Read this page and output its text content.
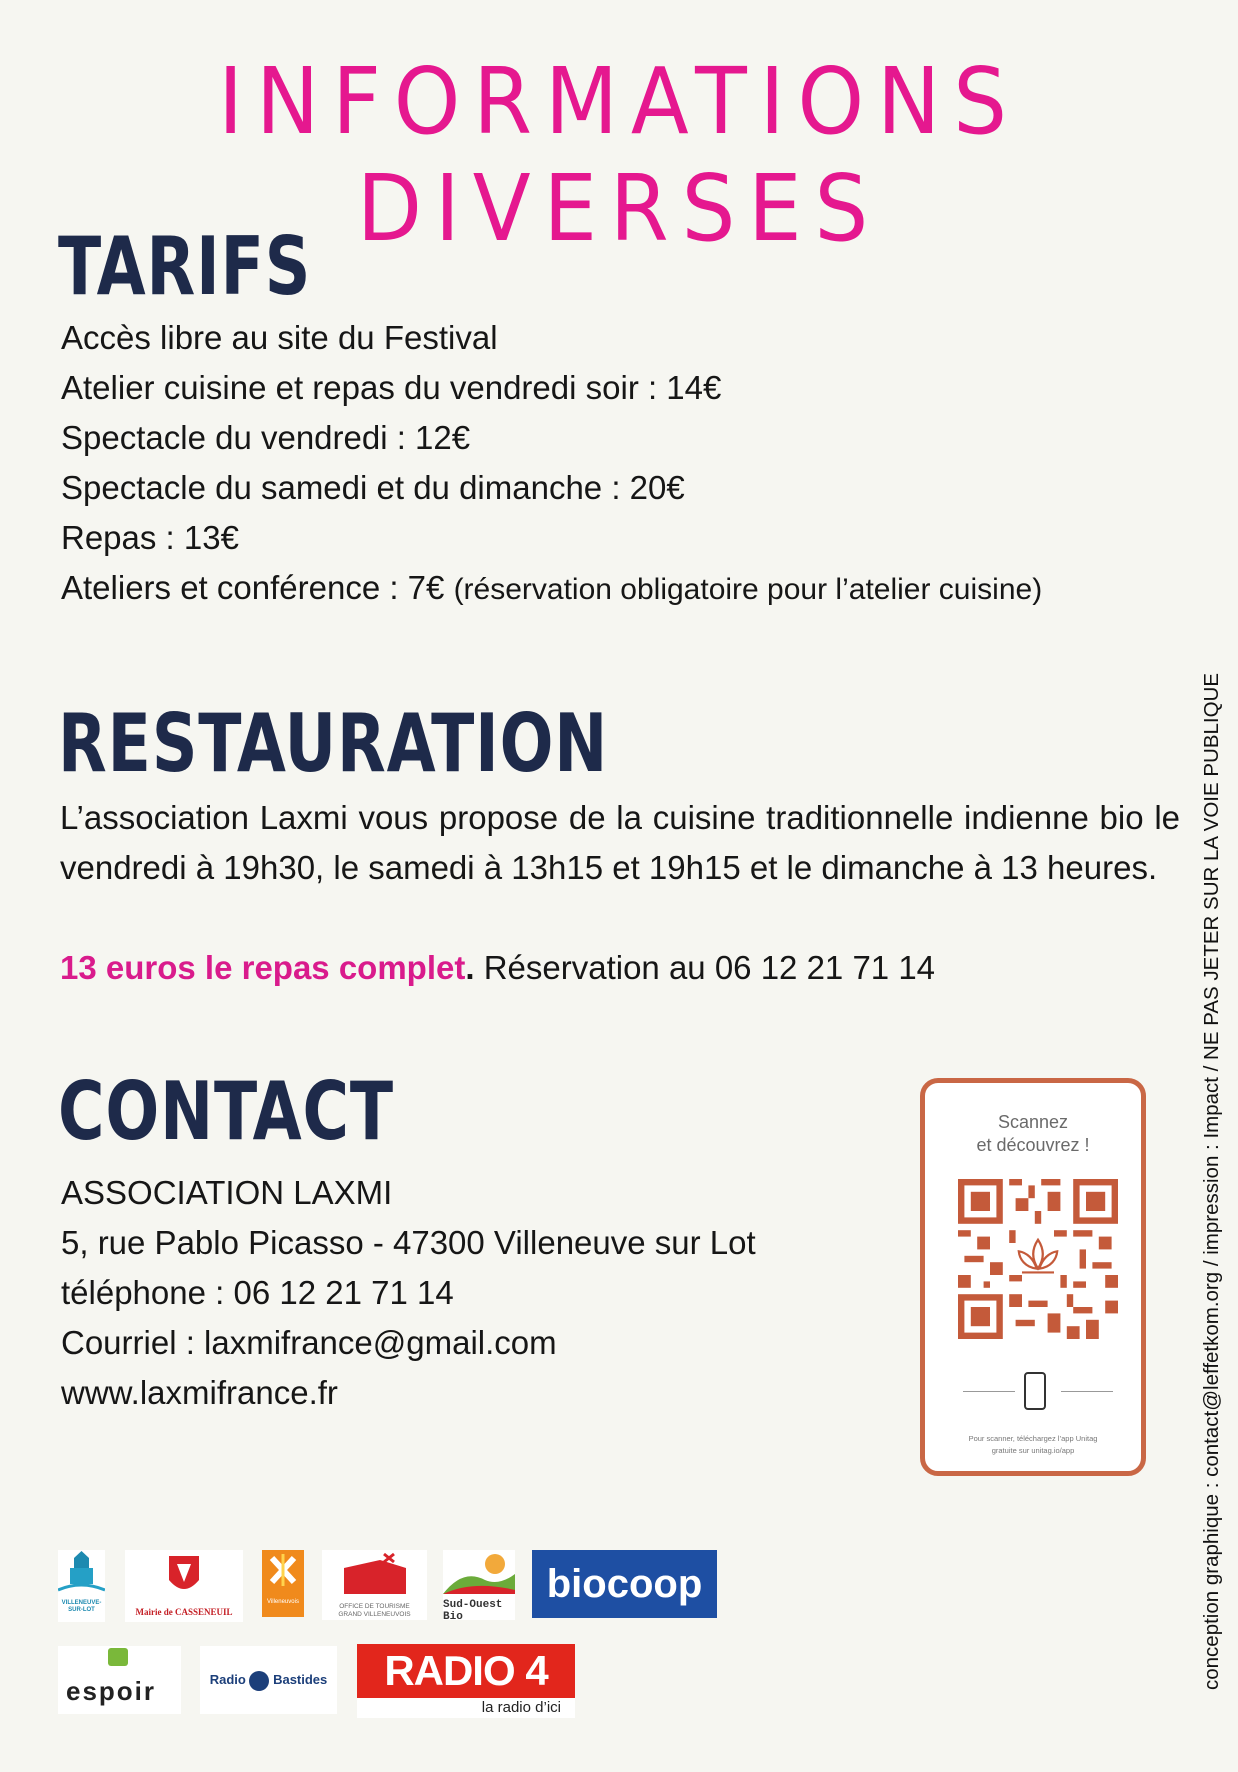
INFORMATIONS DIVERSES
TARIFS
Accès libre au site du Festival
Atelier cuisine et repas du vendredi soir : 14€
Spectacle du vendredi : 12€
Spectacle du samedi et du dimanche : 20€
Repas : 13€
Ateliers et conférence : 7€ (réservation obligatoire pour l’atelier cuisine)
RESTAURATION
L’association Laxmi vous propose de la cuisine traditionnelle indienne bio le vendredi à 19h30, le samedi à 13h15 et 19h15 et le dimanche à 13 heures.
13 euros le repas complet. Réservation au 06 12 21 71 14
CONTACT
ASSOCIATION LAXMI
5, rue Pablo Picasso - 47300 Villeneuve sur Lot
téléphone : 06 12 21 71 14
Courriel : laxmifrance@gmail.com
www.laxmifrance.fr
Scannez
et découvrez !
Pour scanner, téléchargez l’app Unitag
gratuite sur unitag.io/app	conception graphique : contact@leffetkom.org / impression : Impact / NE PAS JETER SUR LA VOIE PUBLIQUE
VILLENEUVE-SUR-LOT	Mairie de CASSENEUIL
Villeneuvois
OFFICE DE TOURISME
GRAND VILLENEUVOIS
Sud-Ouest Bio
biocoop
espoir	Radio Bastides	RADIO 4
la radio d’ici
